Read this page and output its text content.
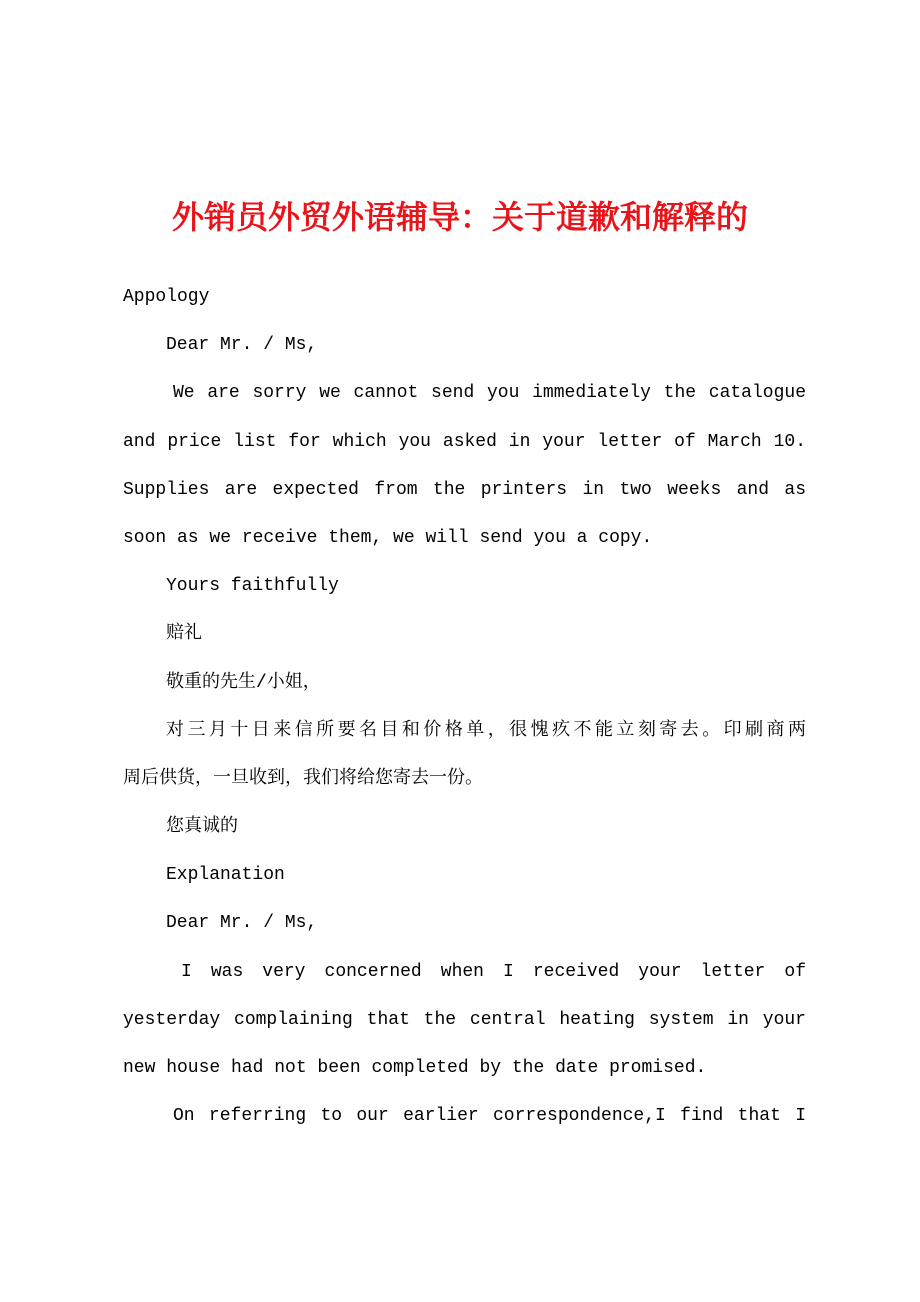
外销员外贸外语辅导：关于道歉和解释的
Appology
Dear Mr. / Ms,
We are sorry we cannot send you immediately the catalogue
and price list for which you asked in your letter of March 10.
Supplies are expected from the printers in two weeks and as
soon as we receive them, we will send you a copy.
Yours faithfully
赔礼
敬重的先生/小姐，
对三月十日来信所要名目和价格单，很愧疚不能立刻寄去。印刷商两
周后供货，一旦收到，我们将给您寄去一份。
您真诚的
Explanation
Dear Mr. / Ms,
I was very concerned when I received your letter of
yesterday complaining that the central heating system in your
new house had not been completed by the date promised.
On referring to our earlier correspondence,I find that I
